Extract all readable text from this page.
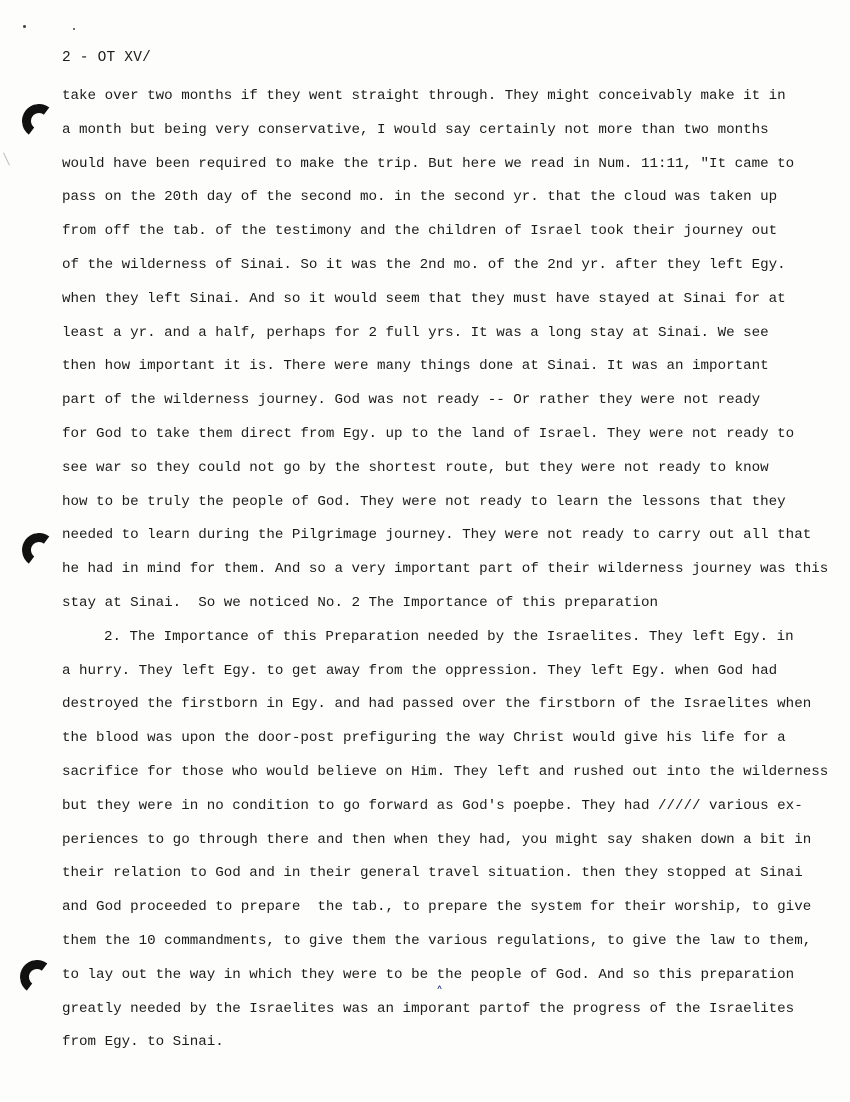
2 - OT XV/
take over two months if they went straight through. They might conceivably make it in
a month but being very conservative, I would say certainly not more than two months
would have been required to make the trip. But here we read in Num. 11:11, "It came to
pass on the 20th day of the second mo. in the second yr. that the cloud was taken up
from off the tab. of the testimony and the children of Israel took their journey out
of the wilderness of Sinai. So it was the 2nd mo. of the 2nd yr. after they left Egy.
when they left Sinai. And so it would seem that they must have stayed at Sinai for at
least a yr. and a half, perhaps for 2 full yrs. It was a long stay at Sinai. We see
then how important it is. There were many things done at Sinai. It was an important
part of the wilderness journey. God was not ready -- Or rather they were not ready
for God to take them direct from Egy. up to the land of Israel. They were not ready to
see war so they could not go by the shortest route, but they were not ready to know
how to be truly the people of God. They were not ready to learn the lessons that they
needed to learn during the Pilgrimage journey. They were not ready to carry out all that
he had in mind for them. And so a very important part of their wilderness journey was this
stay at Sinai.  So we noticed No. 2 The Importance of this preparation
2. The Importance of this Preparation needed by the Israelites. They left Egy. in
a hurry. They left Egy. to get away from the oppression. They left Egy. when God had
destroyed the firstborn in Egy. and had passed over the firstborn of the Israelites when
the blood was upon the door-post prefiguring the way Christ would give his life for a
sacrifice for those who would believe on Him. They left and rushed out into the wilderness
but they were in no condition to go forward as God's poepbe. They had ///// various ex-
periences to go through there and then when they had, you might say shaken down a bit in
their relation to God and in their general travel situation. then they stopped at Sinai
and God proceeded to prepare  the tab., to prepare the system for their worship, to give
them the 10 commandments, to give them the various regulations, to give the law to them,
to lay out the way in which they were to be the people of God. And so this preparation
greatly needed by the Israelites was an imporant partof the progress of the Israelites
from Egy. to Sinai.
˄
